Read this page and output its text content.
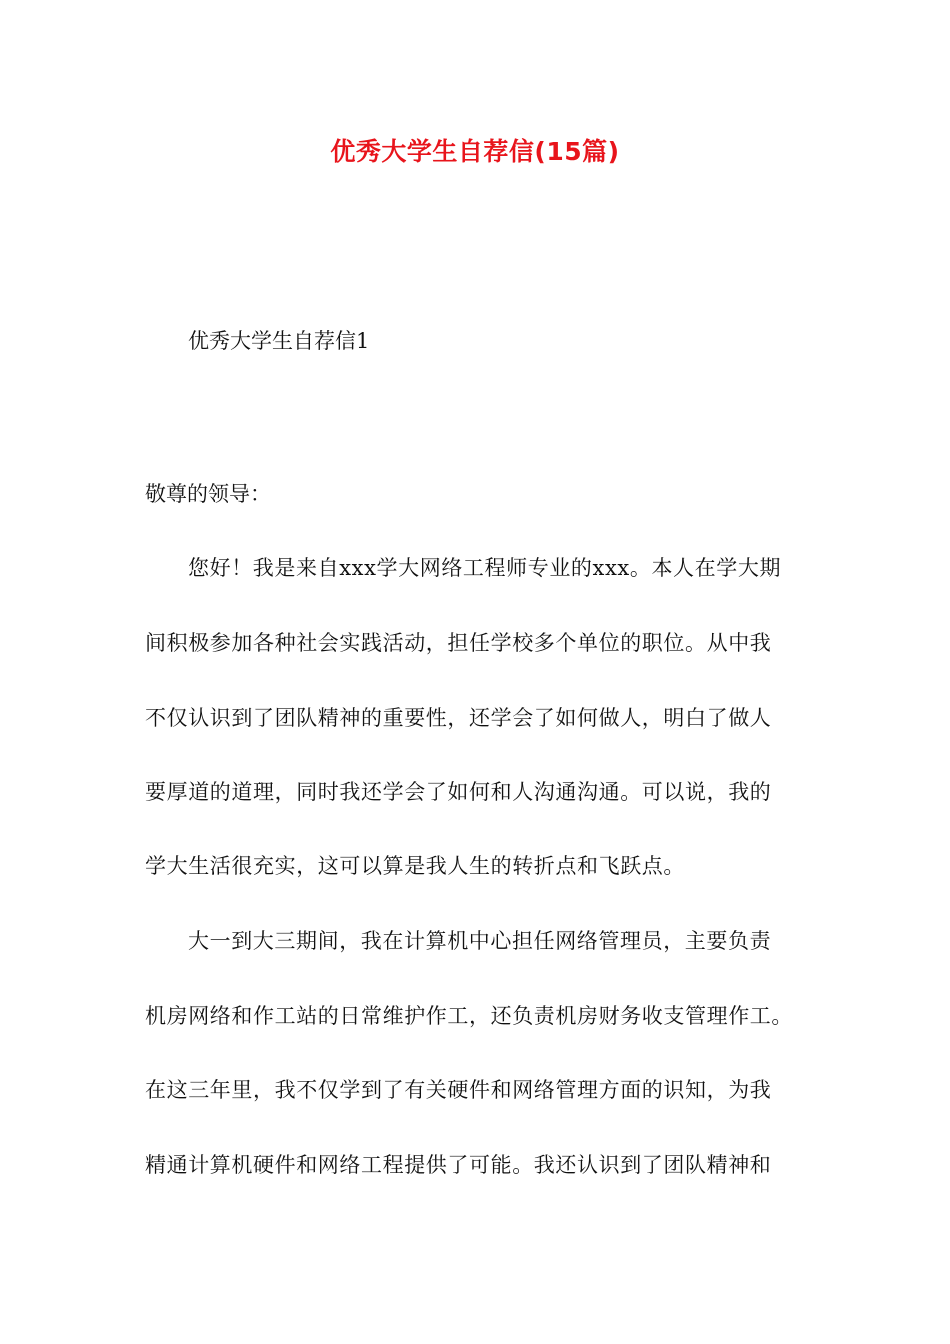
优秀大学生自荐信(15篇)

优秀大学生自荐信1

敬尊的领导：

您好！我是来自xxx学大网络工程师专业的xxx。本人在学大期

间积极参加各种社会实践活动，担任学校多个单位的职位。从中我

不仅认识到了团队精神的重要性，还学会了如何做人，明白了做人

要厚道的道理，同时我还学会了如何和人沟通沟通。可以说，我的

学大生活很充实，这可以算是我人生的转折点和飞跃点。

大一到大三期间，我在计算机中心担任网络管理员，主要负责

机房网络和作工站的日常维护作工，还负责机房财务收支管理作工。

在这三年里，我不仅学到了有关硬件和网络管理方面的识知，为我

精通计算机硬件和网络工程提供了可能。我还认识到了团队精神和
